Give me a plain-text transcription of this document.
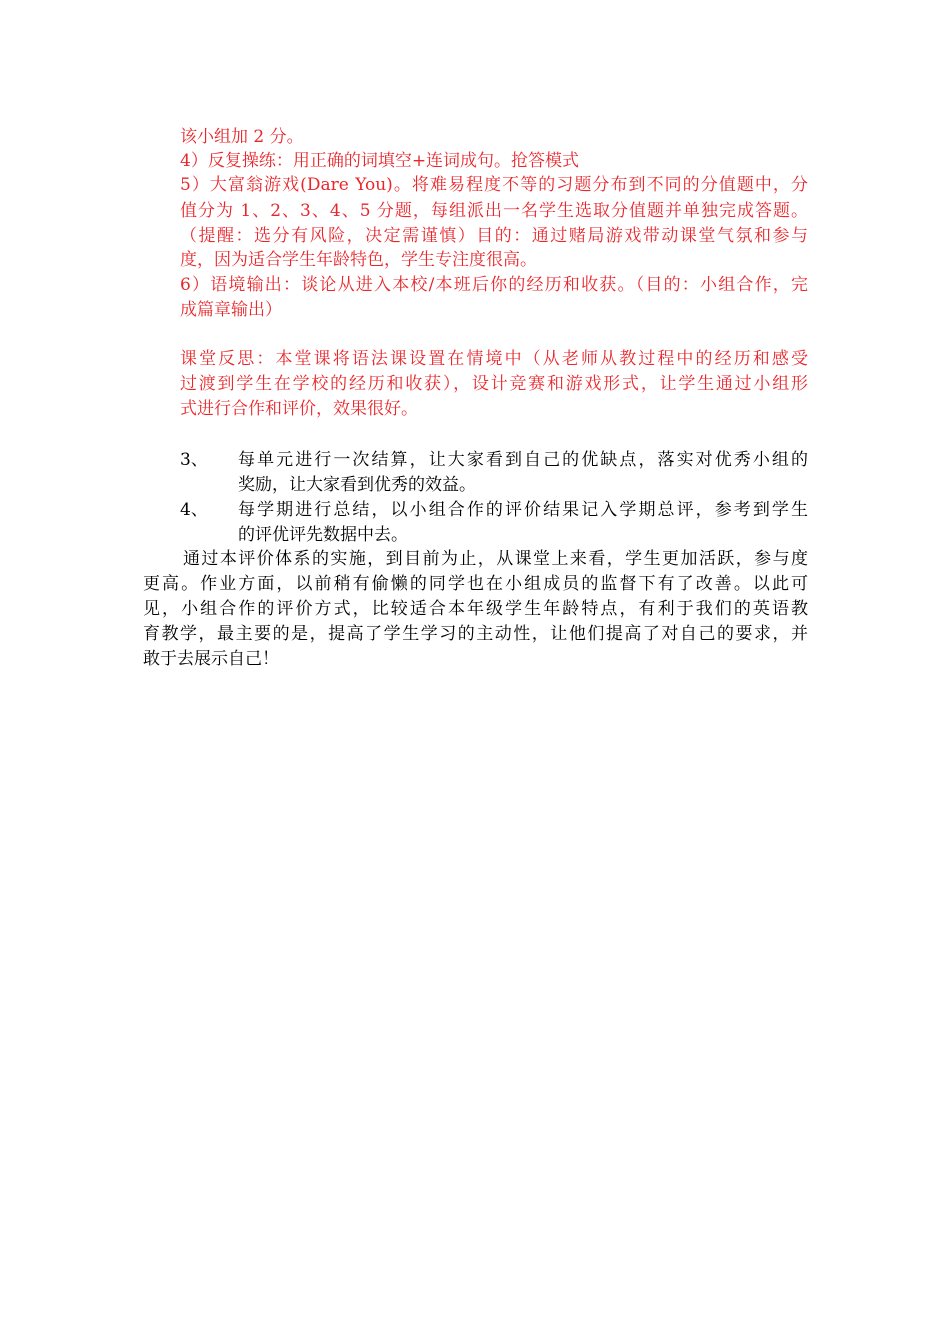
该小组加 2 分。
4）反复操练：用正确的词填空+连词成句。抢答模式
5）大富翁游戏(Dare You)。将难易程度不等的习题分布到不同的分值题中，分
值分为 1、2、3、4、5 分题，每组派出一名学生选取分值题并单独完成答题。
（提醒：选分有风险，决定需谨慎）目的：通过赌局游戏带动课堂气氛和参与
度，因为适合学生年龄特色，学生专注度很高。
6）语境输出：谈论从进入本校/本班后你的经历和收获。（目的：小组合作，完
成篇章输出）
课堂反思：本堂课将语法课设置在情境中（从老师从教过程中的经历和感受
过渡到学生在学校的经历和收获），设计竞赛和游戏形式，让学生通过小组形
式进行合作和评价，效果很好。
3、 每单元进行一次结算，让大家看到自己的优缺点，落实对优秀小组的
奖励，让大家看到优秀的效益。
4、 每学期进行总结，以小组合作的评价结果记入学期总评，参考到学生
的评优评先数据中去。
通过本评价体系的实施，到目前为止，从课堂上来看，学生更加活跃，参与度
更高。作业方面，以前稍有偷懒的同学也在小组成员的监督下有了改善。以此可
见，小组合作的评价方式，比较适合本年级学生年龄特点，有利于我们的英语教
育教学，最主要的是，提高了学生学习的主动性，让他们提高了对自己的要求，并
敢于去展示自己！
